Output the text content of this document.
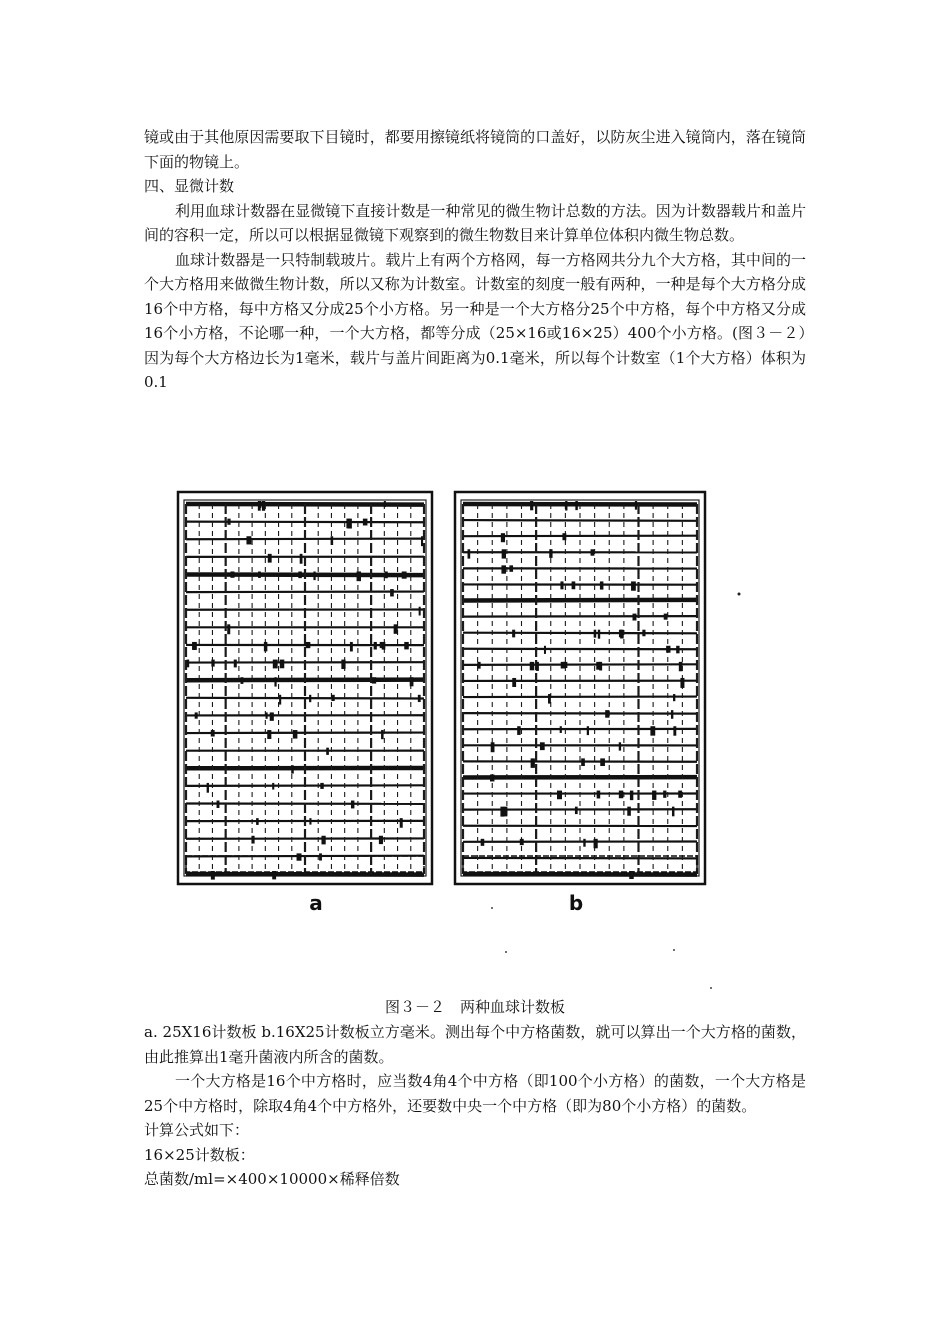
镜或由于其他原因需要取下目镜时，都要用擦镜纸将镜筒的口盖好，以防灰尘进入镜筒内，落在镜筒下面的物镜上。

四、显微计数

利用血球计数器在显微镜下直接计数是一种常见的微生物计总数的方法。因为计数器载片和盖片间的容积一定，所以可以根据显微镜下观察到的微生物数目来计算单位体积内微生物总数。

血球计数器是一只特制载玻片。载片上有两个方格网，每一方格网共分九个大方格，其中间的一个大方格用来做微生物计数，所以又称为计数室。计数室的刻度一般有两种，一种是每个大方格分成16个中方格，每中方格又分成25个小方格。另一种是一个大方格分25个中方格，每个中方格又分成16个小方格，不论哪一种，一个大方格，都等分成（25×16或16×25）400个小方格。(图３－２）因为每个大方格边长为1毫米，载片与盖片间距离为0.1毫米，所以每个计数室（1个大方格）体积为0.1

a	b
图３－２　两种血球计数板

a. 25X16计数板 b.16X25计数板立方毫米。测出每个中方格菌数，就可以算出一个大方格的菌数，由此推算出1毫升菌液内所含的菌数。

一个大方格是16个中方格时，应当数4角4个中方格（即100个小方格）的菌数，一个大方格是25个中方格时，除取4角4个中方格外，还要数中央一个中方格（即为80个小方格）的菌数。

计算公式如下：

16×25计数板：

总菌数/ml=×400×10000×稀释倍数
